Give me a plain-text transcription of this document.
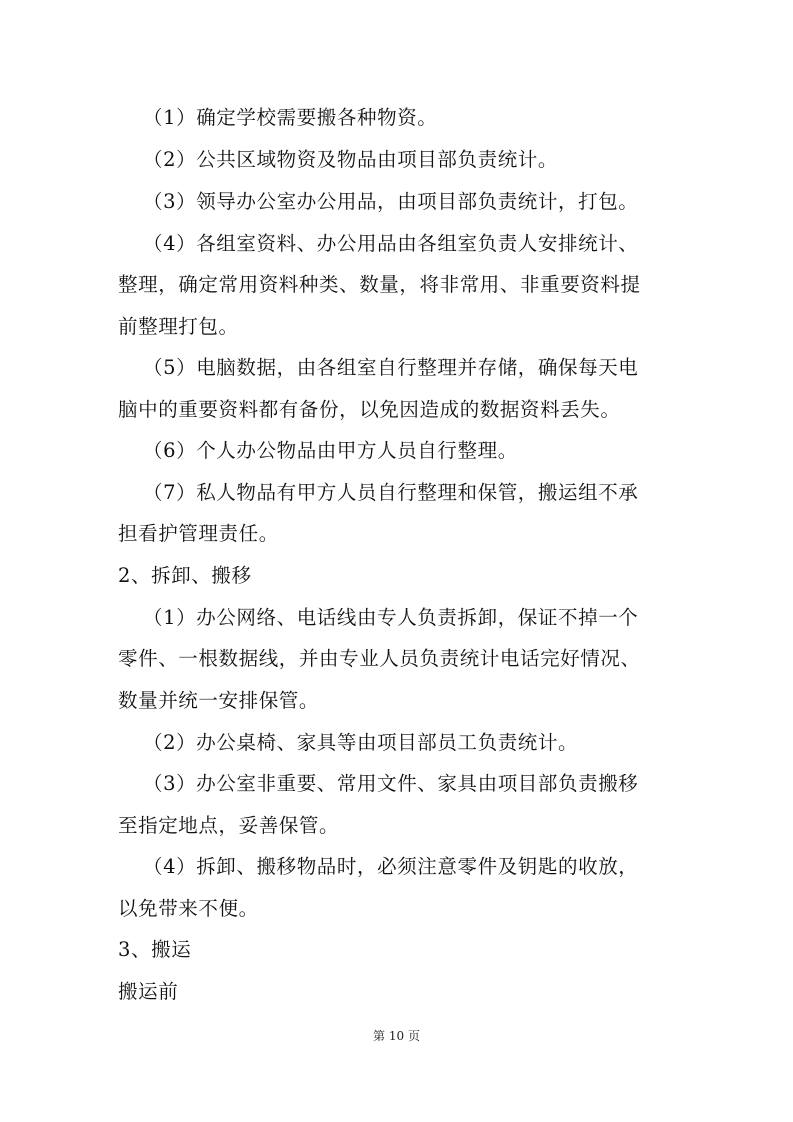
（1）确定学校需要搬各种物资。
（2）公共区域物资及物品由项目部负责统计。
（3）领导办公室办公用品，由项目部负责统计，打包。
（4）各组室资料、办公用品由各组室负责人安排统计、
整理，确定常用资料种类、数量，将非常用、非重要资料提
前整理打包。
（5）电脑数据，由各组室自行整理并存储，确保每天电
脑中的重要资料都有备份，以免因造成的数据资料丢失。
（6）个人办公物品由甲方人员自行整理。
（7）私人物品有甲方人员自行整理和保管，搬运组不承
担看护管理责任。
2、拆卸、搬移
（1）办公网络、电话线由专人负责拆卸，保证不掉一个
零件、一根数据线，并由专业人员负责统计电话完好情况、
数量并统一安排保管。
（2）办公桌椅、家具等由项目部员工负责统计。
（3）办公室非重要、常用文件、家具由项目部负责搬移
至指定地点，妥善保管。
（4）拆卸、搬移物品时，必须注意零件及钥匙的收放，
以免带来不便。
3、搬运
搬运前
第 10 页
